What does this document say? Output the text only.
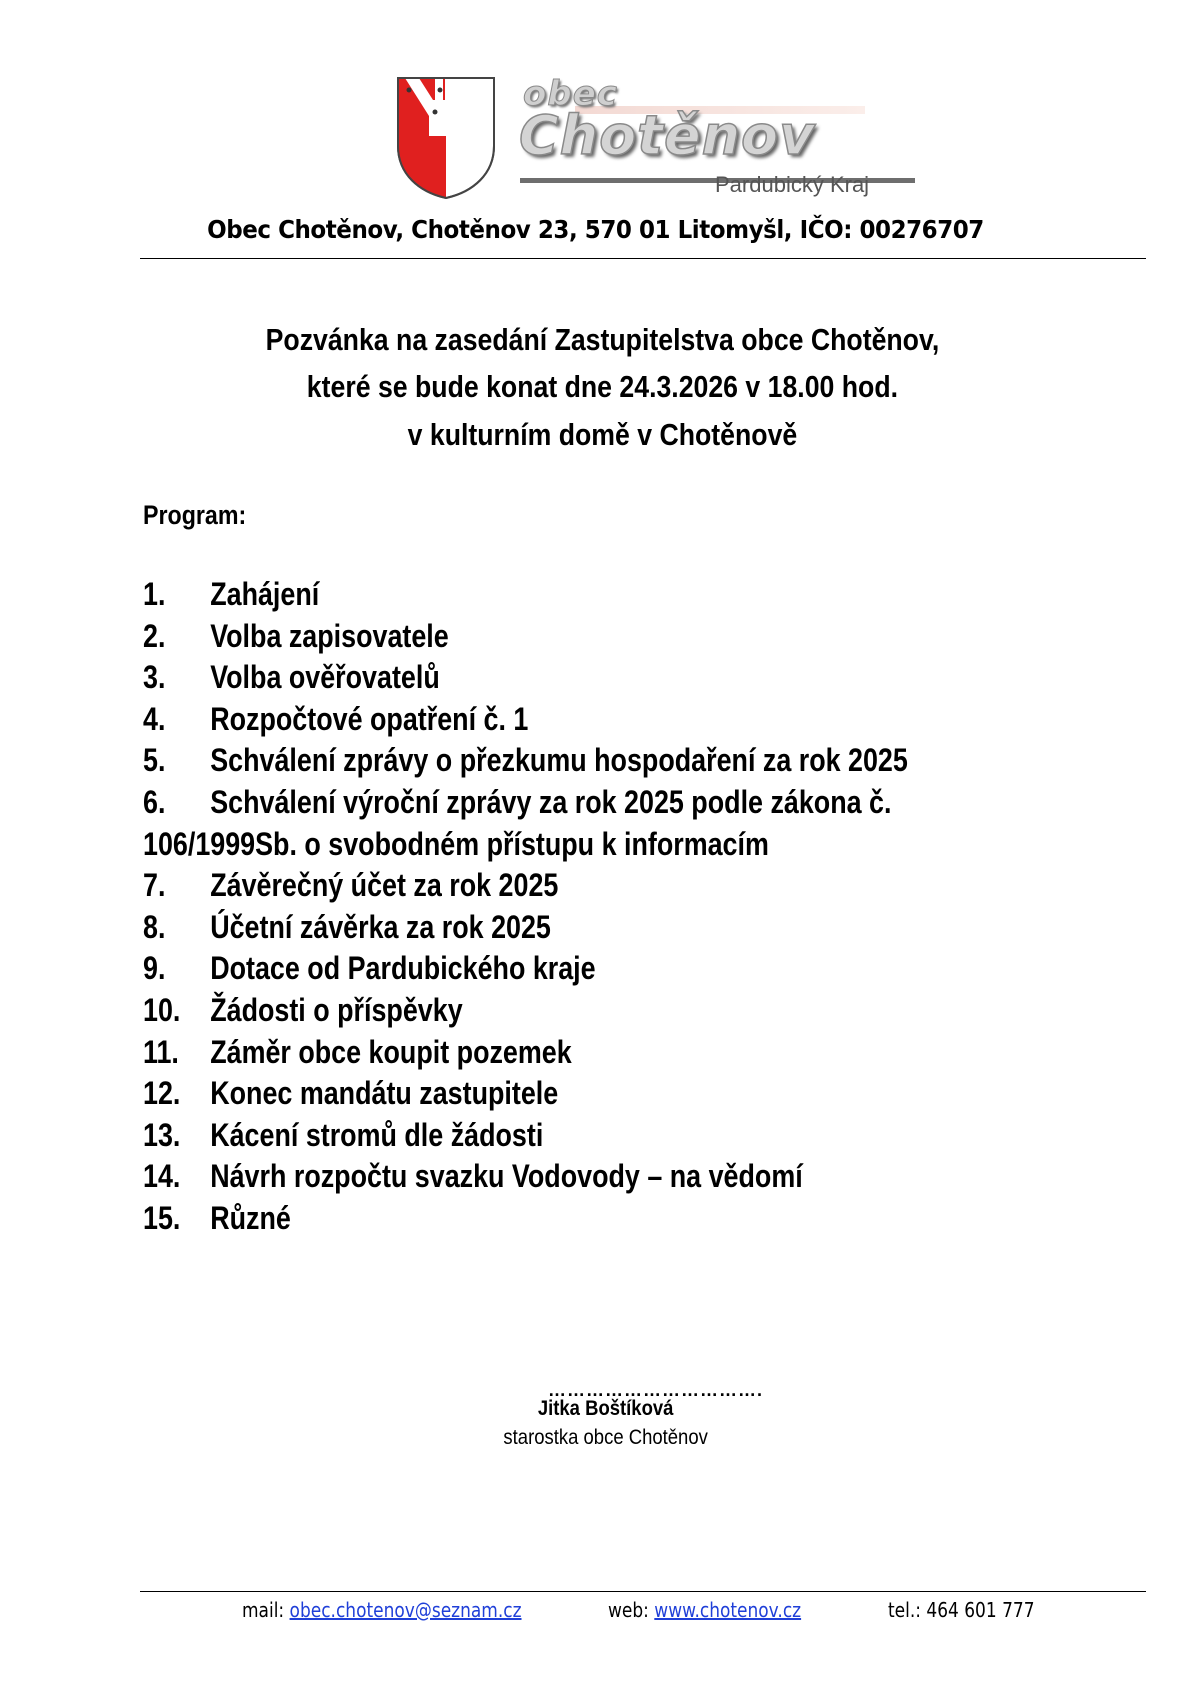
obec
Chotěnov
Pardubický Kraj
Obec Chotěnov, Chotěnov 23, 570 01 Litomyšl, IČO: 00276707
Pozvánka na zasedání Zastupitelstva obce Chotěnov,
které se bude konat dne 24.3.2026 v 18.00 hod.
v kulturním domě v Chotěnově
Program:
1. Zahájení
2. Volba zapisovatele
3. Volba ověřovatelů
4. Rozpočtové opatření č. 1
5. Schválení zprávy o přezkumu hospodaření za rok 2025
6. Schválení výroční zprávy za rok 2025 podle zákona č.
106/1999Sb. o svobodném přístupu k informacím
7. Závěrečný účet za rok 2025
8. Účetní závěrka za rok 2025
9. Dotace od Pardubického kraje
10. Žádosti o příspěvky
11. Záměr obce koupit pozemek
12. Konec mandátu zastupitele
13. Kácení stromů dle žádosti
14. Návrh rozpočtu svazku Vodovody – na vědomí
15. Různé
…………………………….
Jitka Boštíková
starostka obce Chotěnov
mail: obec.chotenov@seznam.cz	web: www.chotenov.cz	tel.: 464 601 777
